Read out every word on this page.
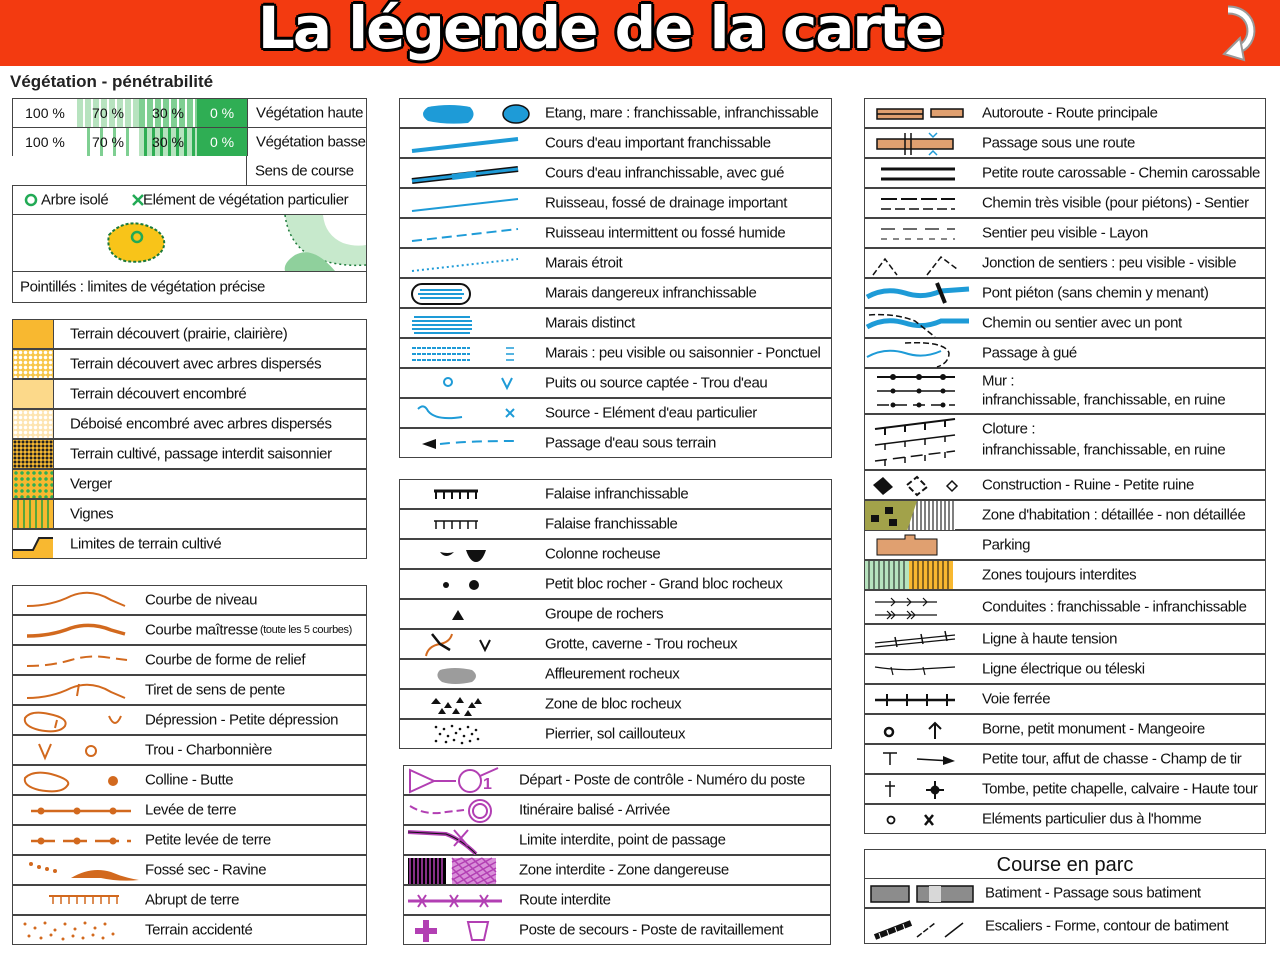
La légende de la carte
Végétation - pénétrabilité
100 %	70 %	30 %	0 %	Végétation haute
100 %	70 %	30 %	0 %	Végétation basse
Sens de course
Arbre isolé Elément de végétation particulier
Pointillés : limites de végétation précise
Terrain découvert (prairie, clairière)
Terrain découvert avec arbres dispersés
Terrain découvert encombré
Déboisé encombré avec arbres dispersés
Terrain cultivé, passage interdit saisonnier
Verger
Vignes
Limites de terrain cultivé
Courbe de niveau
Courbe maîtresse (toute les 5 courbes)
Courbe de forme de relief
Tiret de sens de pente
Dépression - Petite dépression
Trou - Charbonnière
Colline - Butte
Levée de terre
Petite levée de terre
Fossé sec - Ravine
Abrupt de terre
Terrain accidenté
Etang, mare : franchissable, infranchissable
Cours d'eau important franchissable
Cours d'eau infranchissable, avec gué
Ruisseau, fossé de drainage important
Ruisseau intermittent ou fossé humide
Marais étroit
Marais dangereux infranchissable
Marais distinct
Marais : peu visible ou saisonnier - Ponctuel
Puits ou source captée - Trou d'eau
Source - Elément d'eau particulier
Passage d'eau sous terrain
Falaise infranchissable
Falaise franchissable
Colonne rocheuse
Petit bloc rocher - Grand bloc rocheux
Groupe de rochers
Grotte, caverne - Trou rocheux
Affleurement rocheux
Zone de bloc rocheux
Pierrier, sol caillouteux
1 Départ - Poste de contrôle - Numéro du poste
Itinéraire balisé - Arrivée
Limite interdite, point de passage
Zone interdite - Zone dangereuse
Route interdite
Poste de secours - Poste de ravitaillement
Autoroute - Route principale
Passage sous une route
Petite route carossable - Chemin carossable
Chemin très visible (pour piétons) - Sentier
Sentier peu visible - Layon
Jonction de sentiers : peu visible - visible
Pont piéton (sans chemin y menant)
Chemin ou sentier avec un pont
Passage à gué
Mur :
infranchissable, franchissable, en ruine
Cloture :
infranchissable, franchissable, en ruine
Construction - Ruine - Petite ruine
Zone d'habitation : détaillée - non détaillée
Parking
Zones toujours interdites
Conduites : franchissable - infranchissable
Ligne à haute tension
Ligne électrique ou téleski
Voie ferrée
Borne, petit monument - Mangeoire
Petite tour, affut de chasse - Champ de tir
Tombe, petite chapelle, calvaire - Haute tour
Eléments particulier dus à l'homme
Course en parc
Batiment - Passage sous batiment
Escaliers - Forme, contour de batiment
